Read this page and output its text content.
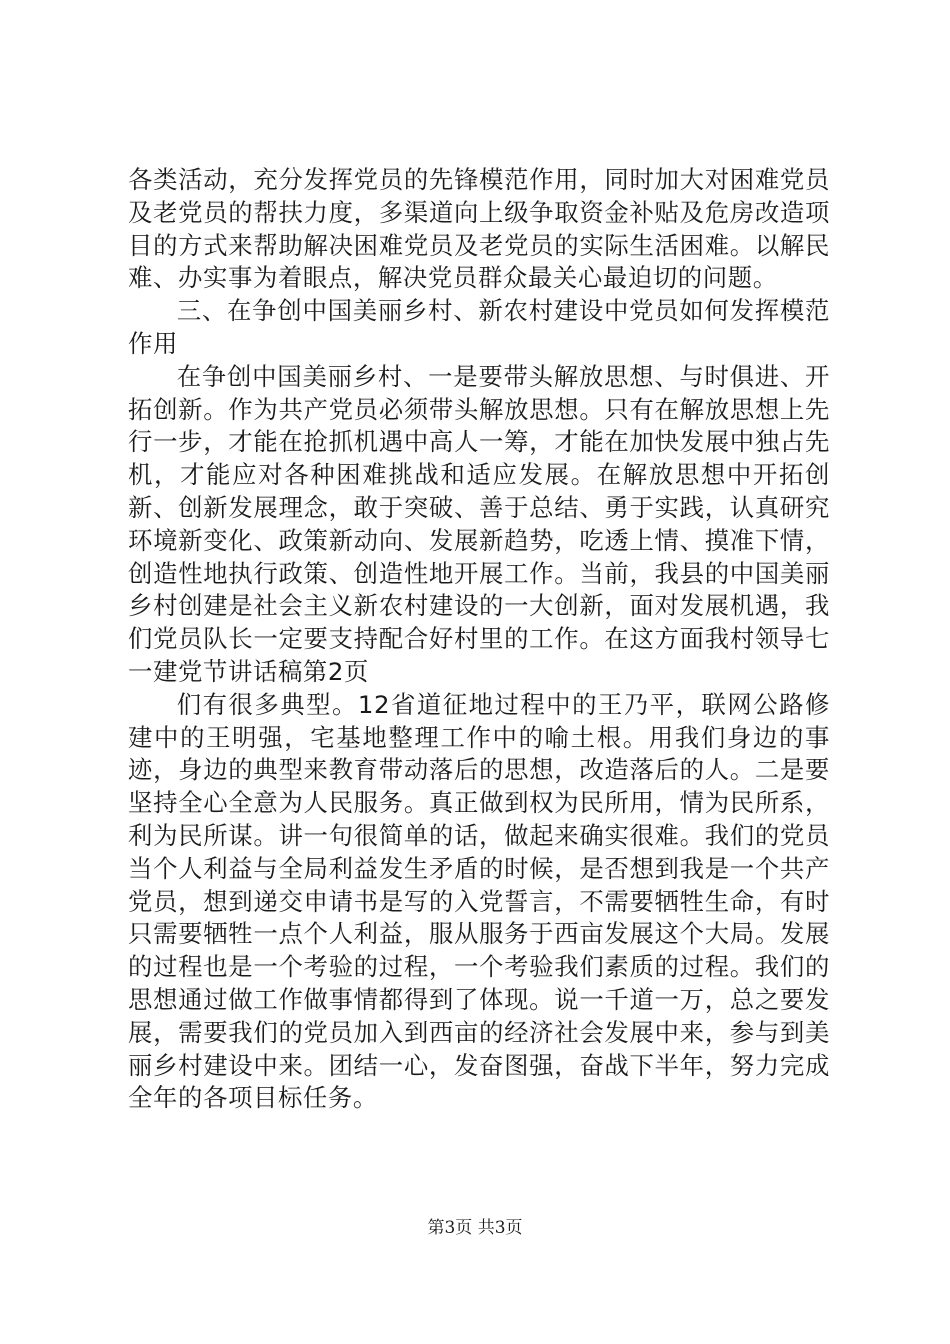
各类活动，充分发挥党员的先锋模范作用，同时加大对困难党员及老党员的帮扶力度，多渠道向上级争取资金补贴及危房改造项目的方式来帮助解决困难党员及老党员的实际生活困难。以解民难、办实事为着眼点，解决党员群众最关心最迫切的问题。

三、在争创中国美丽乡村、新农村建设中党员如何发挥模范作用

在争创中国美丽乡村、一是要带头解放思想、与时俱进、开拓创新。作为共产党员必须带头解放思想。只有在解放思想上先行一步，才能在抢抓机遇中高人一筹，才能在加快发展中独占先机，才能应对各种困难挑战和适应发展。在解放思想中开拓创新、创新发展理念，敢于突破、善于总结、勇于实践，认真研究环境新变化、政策新动向、发展新趋势，吃透上情、摸准下情，创造性地执行政策、创造性地开展工作。当前，我县的中国美丽乡村创建是社会主义新农村建设的一大创新，面对发展机遇，我们党员队长一定要支持配合好村里的工作。在这方面我村领导七一建党节讲话稿第2页

们有很多典型。12省道征地过程中的王乃平，联网公路修建中的王明强，宅基地整理工作中的喻土根。用我们身边的事迹，身边的典型来教育带动落后的思想，改造落后的人。二是要坚持全心全意为人民服务。真正做到权为民所用，情为民所系，利为民所谋。讲一句很简单的话，做起来确实很难。我们的党员当个人利益与全局利益发生矛盾的时候，是否想到我是一个共产党员，想到递交申请书是写的入党誓言，不需要牺牲生命，有时只需要牺牲一点个人利益，服从服务于西亩发展这个大局。发展的过程也是一个考验的过程，一个考验我们素质的过程。我们的思想通过做工作做事情都得到了体现。说一千道一万，总之要发展，需要我们的党员加入到西亩的经济社会发展中来，参与到美丽乡村建设中来。团结一心，发奋图强，奋战下半年，努力完成全年的各项目标任务。

第3页 共3页
